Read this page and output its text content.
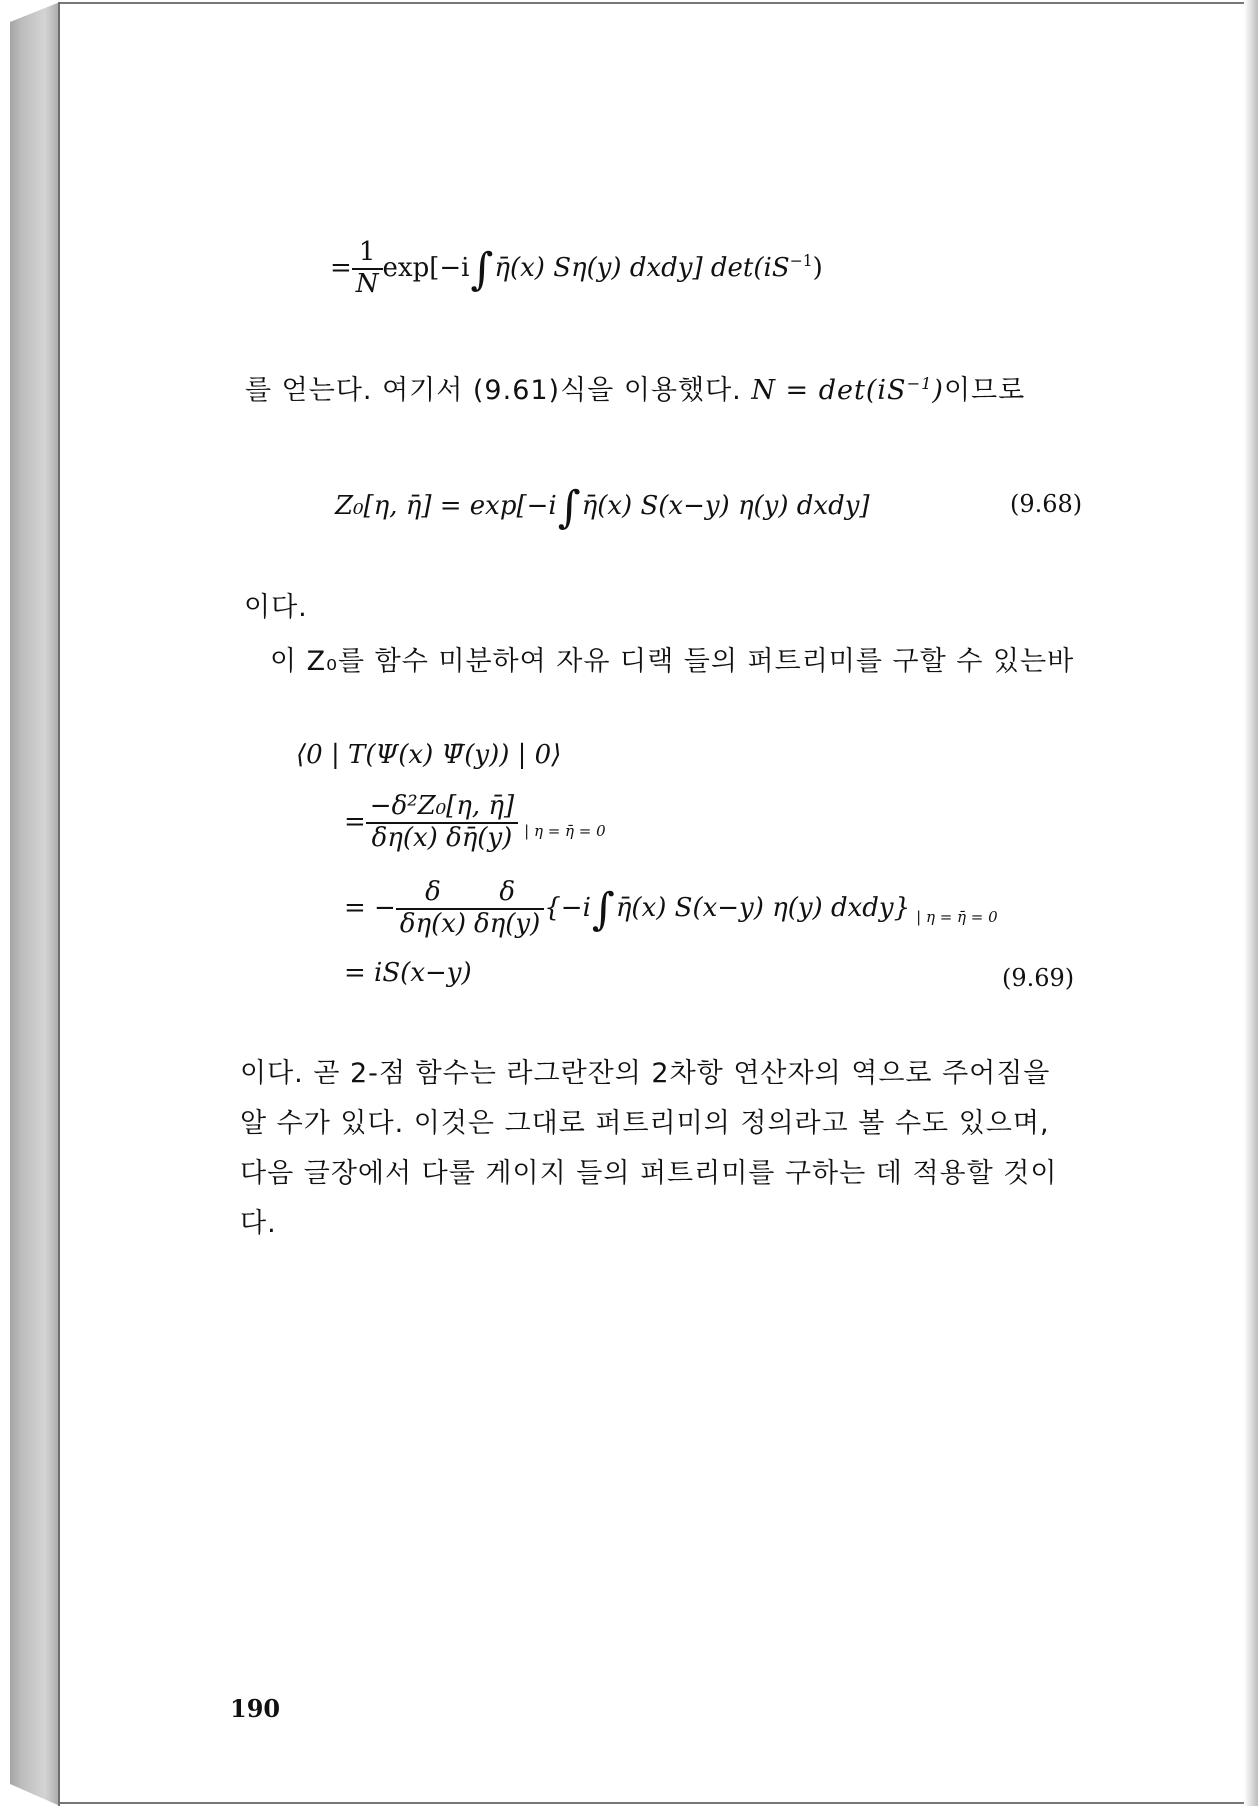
= $\frac{1}{N}$ exp[−i∫η̄(x) Sη(y) dxdy] $\det(iS^{-1})$
를 얻는다. 여기서 (9.61)식을 이용했다. $N = \det(iS^{-1})$이므로
Z₀[η, η̄] = exp[−i∫η̄(x) S(x−y) η(y) dxdy]	(9.68)
이다.
이 Z₀를 함수 미분하여 자유 디랙 들의 퍼트리미를 구할 수 있는바
⟨0 | T(Ψ(x) Ψ̄(y)) | 0⟩
= $\frac{\text{−δ²Z₀[η, η̄]}}{\delta\eta(x) \delta\etā(y)} _{| \eta = \etā = 0}$
= − $\frac{\delta}{\delta\eta(x)} \frac{\delta}{\delta\eta(y)}$ {−i∫η̄(x) S(x−y) η(y) dxdy} $_{| \eta = \etā = 0}$
= iS(x−y)	(9.69)
이다. 곧 2-점 함수는 라그란잔의 2차항 연산자의 역으로 주어짐을
알 수가 있다. 이것은 그대로 퍼트리미의 정의라고 볼 수도 있으며,
다음 글장에서 다룰 게이지 들의 퍼트리미를 구하는 데 적용할 것이
다.
190
